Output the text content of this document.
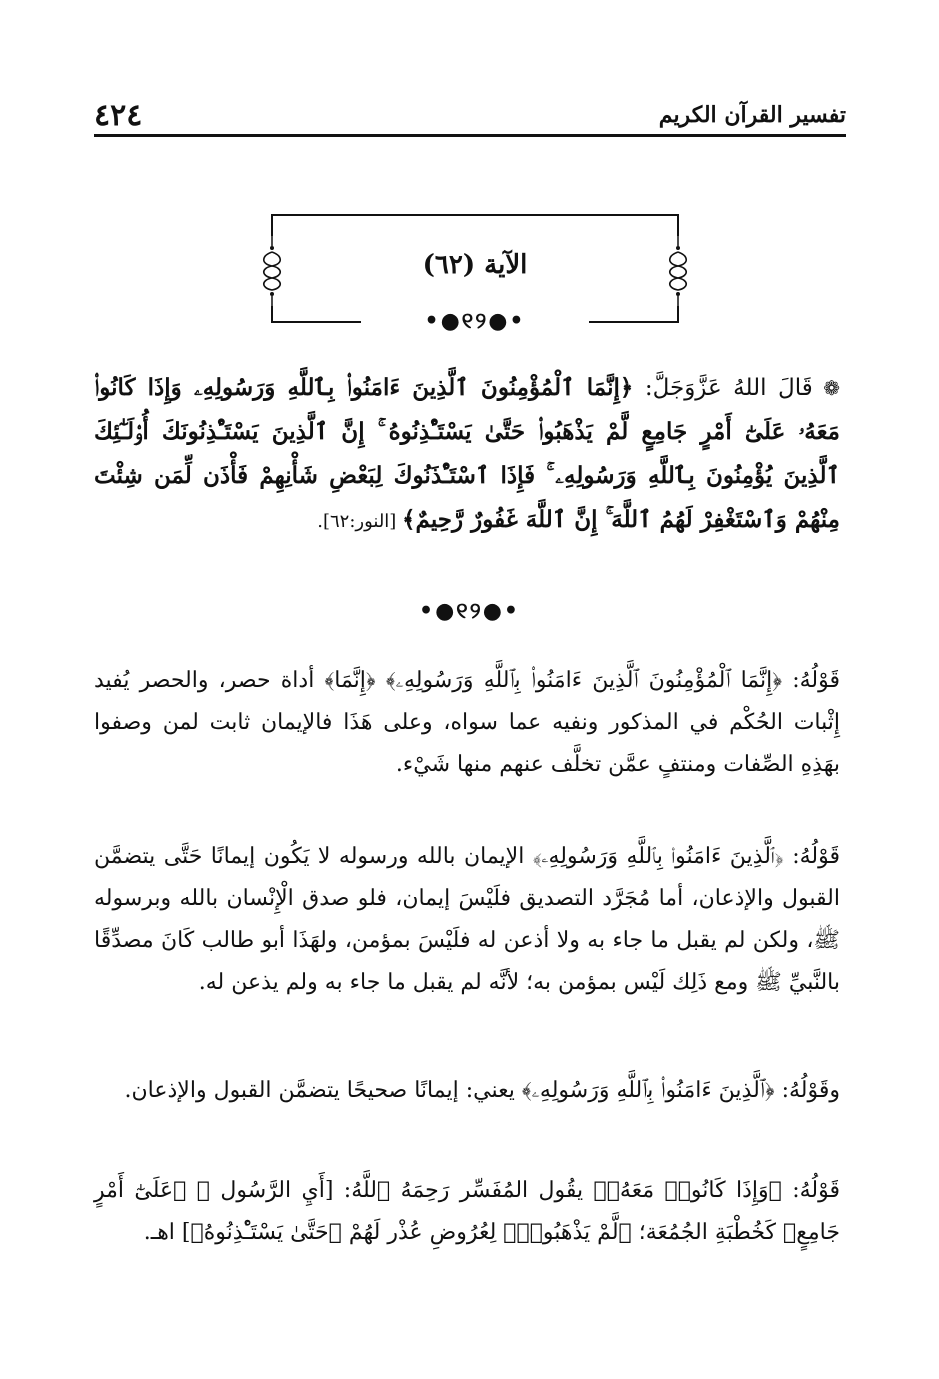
٤٢٤	تفسير القرآن الكريم
الآية (٦٢)
•●୧୨●•
❁ قَالَ اللهُ عَزَّوَجَلَّ: ﴿إِنَّمَا ٱلْمُؤْمِنُونَ ٱلَّذِينَ ءَامَنُوا۟ بِٱللَّهِ وَرَسُولِهِۦ وَإِذَا كَانُوا۟ مَعَهُۥ عَلَىٰٓ أَمْرٍ جَامِعٍ لَّمْ يَذْهَبُوا۟ حَتَّىٰ يَسْتَـْٔذِنُوهُ ۚ إِنَّ ٱلَّذِينَ يَسْتَـْٔذِنُونَكَ أُو۟لَـٰٓئِكَ ٱلَّذِينَ يُؤْمِنُونَ بِٱللَّهِ وَرَسُولِهِۦ ۚ فَإِذَا ٱسْتَـْٔذَنُوكَ لِبَعْضِ شَأْنِهِمْ فَأْذَن لِّمَن شِئْتَ مِنْهُمْ وَٱسْتَغْفِرْ لَهُمُ ٱللَّهَ ۚ إِنَّ ٱللَّهَ غَفُورٌ رَّحِيمٌ﴾ [النور:٦٢].
•●୧୨●•
قَوْلُهُ: ﴿إِنَّمَا ٱلْمُؤْمِنُونَ ٱلَّذِينَ ءَامَنُوا۟ بِٱللَّهِ وَرَسُولِهِۦ﴾ ﴿إِنَّمَا﴾ أداة حصر، والحصر يُفيد إِثْبات الحُكْم في المذكور ونفيه عما سواه، وعلى هَذَا فالإيمان ثابت لمن وصفوا بهَذِهِ الصِّفات ومنتفٍ عمَّن تخلَّف عنهم منها شَيْء.
قَوْلُهُ: ﴿ٱلَّذِينَ ءَامَنُوا۟ بِٱللَّهِ وَرَسُولِهِۦ﴾ الإيمان بالله ورسوله لا يَكُون إيمانًا حَتَّى يتضمَّن القبول والإذعان، أما مُجَرَّد التصديق فلَيْسَ إيمان، فلو صدق الْإِنْسان بالله وبرسوله ﷺ، ولكن لم يقبل ما جاء به ولا أذعن له فلَيْسَ بمؤمن، ولهَذَا أبو طالب كَانَ مصدِّقًا بالنَّبيِّ ﷺ ومع ذَلِك لَيْس بمؤمن به؛ لأنَّه لم يقبل ما جاء به ولم يذعن له.
وقَوْلُهُ: ﴿ٱلَّذِينَ ءَامَنُوا۟ بِٱللَّهِ وَرَسُولِهِۦ﴾ يعني: إيمانًا صحيحًا يتضمَّن القبول والإذعان.
قَوْلُهُ: ﴿وَإِذَا كَانُوا۟ مَعَهُۥ﴾ يقُول المُفَسِّر رَحِمَهُ ٱللَّهُ: [أَيِ الرَّسُول ﷺ ﴿عَلَىٰٓ أَمْرٍ جَامِعٍ﴾ كَخُطْبَةِ الجُمُعَة؛ ﴿لَّمْ يَذْهَبُوا۟﴾ لِعُرُوضِ عُذْر لَهُمْ ﴿حَتَّىٰ يَسْتَـْٔذِنُوهُ﴾] اهـ.
